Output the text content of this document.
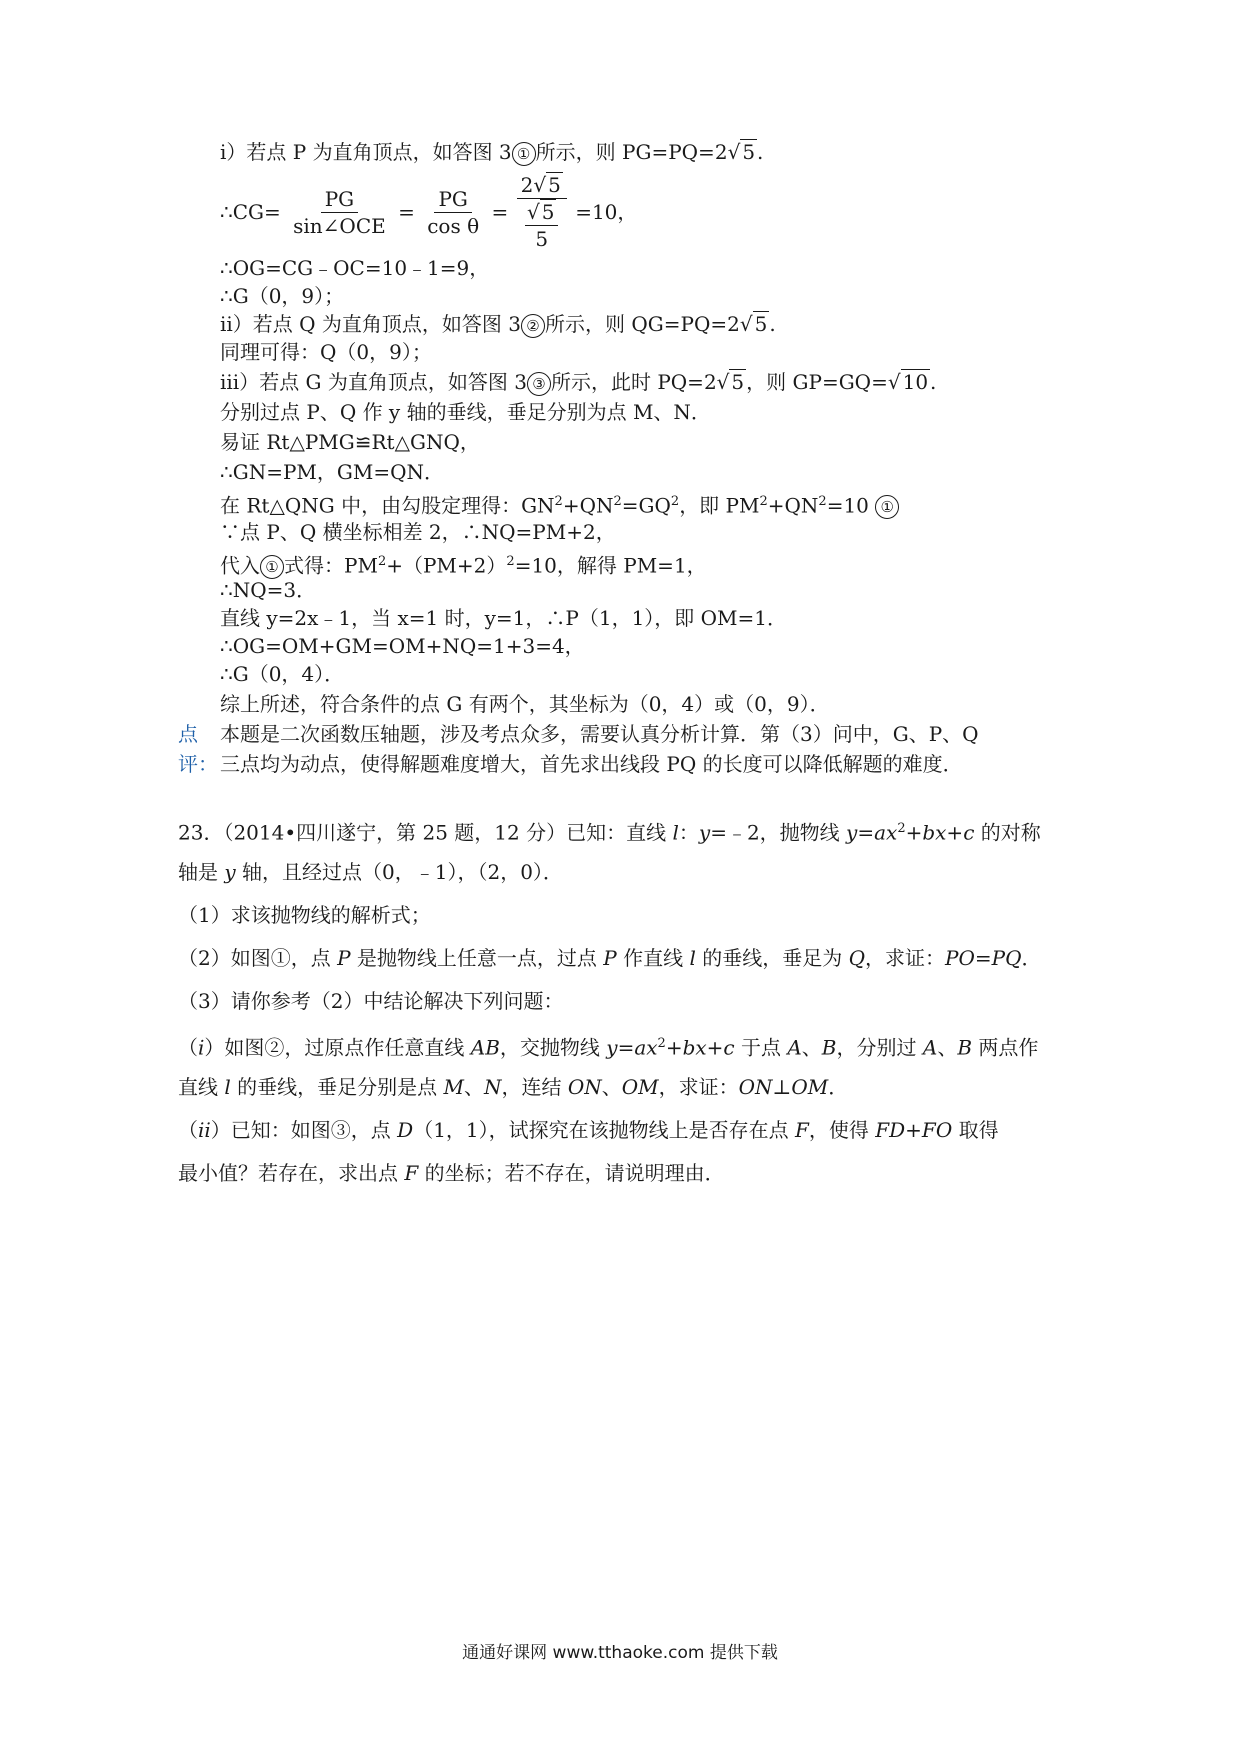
i）若点 P 为直角顶点，如答图 3 ① 所示，则 PG=PQ=2√ 5 .
∴CG= $\frac{PG}{\text{sin∠OCE}} = \frac{PG}{\text{cos θ}} = 2√$ 5
√ 5
5 =10，
∴OG=CG﹣OC=10﹣1=9，
∴G（0，9）；
ii）若点 Q 为直角顶点，如答图 3 ② 所示，则 QG=PQ=2√ 5 .
同理可得：Q（0，9）；
iii）若点 G 为直角顶点，如答图 3 ③ 所示，此时 PQ=2√ 5 ，则 GP=GQ=√ 10 .
分别过点 P、Q 作 y 轴的垂线，垂足分别为点 M、N．
易证 Rt△PMG≌Rt△GNQ，
∴GN=PM，GM=QN．
在 Rt△QNG 中，由勾股定理得：$GN^2+QN^2=GQ^2$，即 $PM^2+QN^2=10$ ①
∵点 P、Q 横坐标相差 2，∴NQ=PM+2，
代入 ① 式得：$PM^2+(PM+2)^2=10$，解得 PM=1，
∴NQ=3．
直线 y=2x﹣1，当 x=1 时，y=1，∴P（1，1），即 OM=1．
∴OG=OM+GM=OM+NQ=1+3=4，
∴G（0，4）．
综上所述，符合条件的点 G 有两个，其坐标为（0，4）或（0，9）．
点 本题是二次函数压轴题，涉及考点众多，需要认真分析计算．第（3）问中，G、P、Q
评： 三点均为动点，使得解题难度增大，首先求出线段 PQ 的长度可以降低解题的难度．
23．（2014•四川遂宁，第 25 题，12 分）已知：直线 l：y=﹣2，抛物线 $y=ax^2+bx+c$ 的对称
轴是 y 轴，且经过点（0，﹣1），（2，0）．
（1）求该抛物线的解析式；
（2）如图①，点 P 是抛物线上任意一点，过点 P 作直线 l 的垂线，垂足为 Q，求证：PO=PQ．
（3）请你参考（2）中结论解决下列问题：
（i）如图②，过原点作任意直线 AB，交抛物线 $y=ax^2+bx+c$ 于点 A、B，分别过 A、B 两点作
直线 l 的垂线，垂足分别是点 M、N，连结 ON、OM，求证：ON⊥OM．
（ii）已知：如图③，点 D（1，1），试探究在该抛物线上是否存在点 F，使得 FD+FO 取得
最小值？若存在，求出点 F 的坐标；若不存在，请说明理由．
通通好课网 www.tthaoke.com 提供下载
